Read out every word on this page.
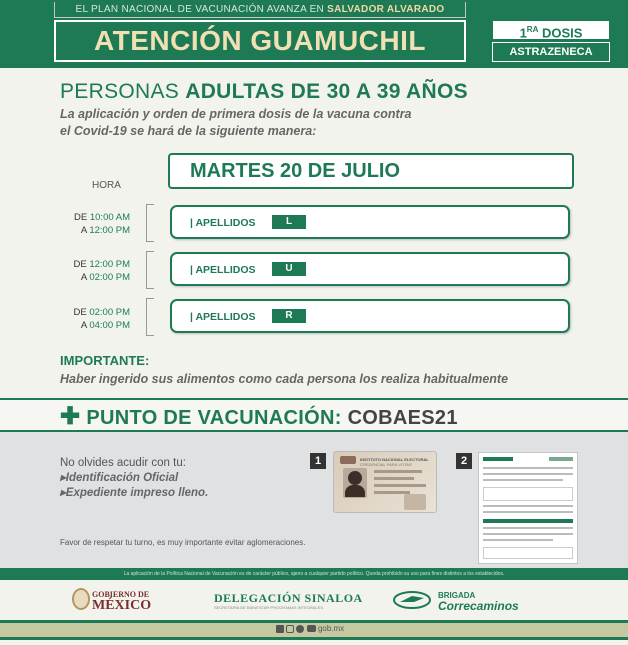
EL PLAN NACIONAL DE VACUNACIÓN AVANZA EN SALVADOR ALVARADO
ATENCIÓN GUAMUCHIL	$1^{RA}$ DOSIS
ASTRAZENECA
PERSONAS ADULTAS DE 30 A 39 AÑOS
La aplicación y orden de primera dosis de la vacuna contra
el Covid-19 se hará de la siguiente manera:
MARTES 20 DE JULIO
HORA
DE 10:00 AM
A 12:00 PM
| APELLIDOS	L
DE 12:00 PM
A 02:00 PM
| APELLIDOS	U
DE 02:00 PM
A 04:00 PM
| APELLIDOS	R
IMPORTANTE:
Haber ingerido sus alimentos como cada persona los realiza habitualmente
✚ PUNTO DE VACUNACIÓN: COBAES21
No olvides acudir con tu:
▸Identificación Oficial
▸Expediente impreso lleno.
Favor de respetar tu turno, es muy importante evitar aglomeraciones.
1	INSTITUTO NACIONAL ELECTORAL
CREDENCIAL PARA VOTAR	2
La aplicación de la Política Nacional de Vacunación es de carácter público, ajeno a cualquier partido político. Queda prohibido su uso para fines distintos a los establecidos.
GOBIERNO DE
MÉXICO	DELEGACIÓN SINALOA
SECRETARÍA DE BIENESTAR·PROGRAMAS INTEGRALES
BRIGADA
Correcaminos
gob.mx
